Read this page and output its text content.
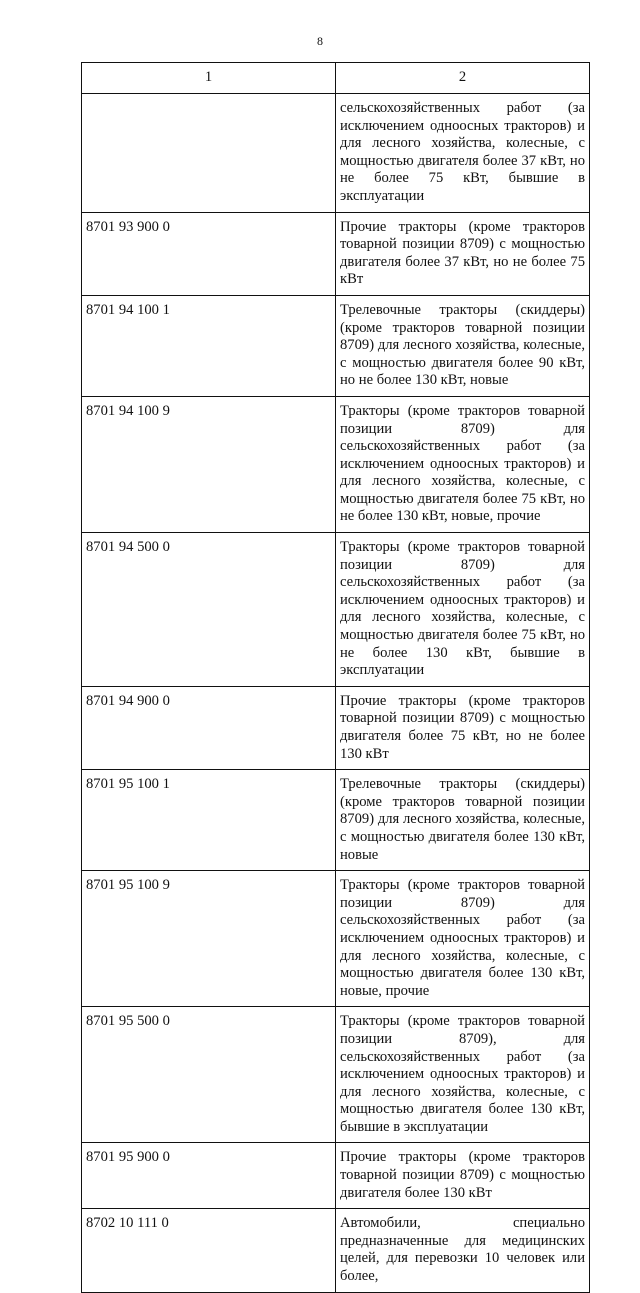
8
1	2
	сельскохозяйственных работ (за исключением одноосных тракторов) и для лесного хозяйства, колесные, с мощностью двигателя более 37 кВт, но не более 75 кВт, бывшие в эксплуатации
8701 93 900 0	Прочие тракторы (кроме тракторов товарной позиции 8709) с мощностью двигателя более 37 кВт, но не более 75 кВт
8701 94 100 1	Трелевочные тракторы (скиддеры) (кроме тракторов товарной позиции 8709) для лесного хозяйства, колесные, с мощностью двигателя более 90 кВт, но не более 130 кВт, новые
8701 94 100 9	Тракторы (кроме тракторов товарной позиции 8709) для сельскохозяйственных работ (за исключением одноосных тракторов) и для лесного хозяйства, колесные, с мощностью двигателя более 75 кВт, но не более 130 кВт, новые, прочие
8701 94 500 0	Тракторы (кроме тракторов товарной позиции 8709) для сельскохозяйственных работ (за исключением одноосных тракторов) и для лесного хозяйства, колесные, с мощностью двигателя более 75 кВт, но не более 130 кВт, бывшие в эксплуатации
8701 94 900 0	Прочие тракторы (кроме тракторов товарной позиции 8709) с мощностью двигателя более 75 кВт, но не более 130 кВт
8701 95 100 1	Трелевочные тракторы (скиддеры) (кроме тракторов товарной позиции 8709) для лесного хозяйства, колесные, с мощностью двигателя более 130 кВт, новые
8701 95 100 9	Тракторы (кроме тракторов товарной позиции 8709) для сельскохозяйственных работ (за исключением одноосных тракторов) и для лесного хозяйства, колесные, с мощностью двигателя более 130 кВт, новые, прочие
8701 95 500 0	Тракторы (кроме тракторов товарной позиции 8709), для сельскохозяйственных работ (за исключением одноосных тракторов) и для лесного хозяйства, колесные, с мощностью двигателя более 130 кВт, бывшие в эксплуатации
8701 95 900 0	Прочие тракторы (кроме тракторов товарной позиции 8709) с мощностью двигателя более 130 кВт
8702 10 111 0	Автомобили, специально предназначенные для медицинских целей, для перевозки 10 человек или более,
